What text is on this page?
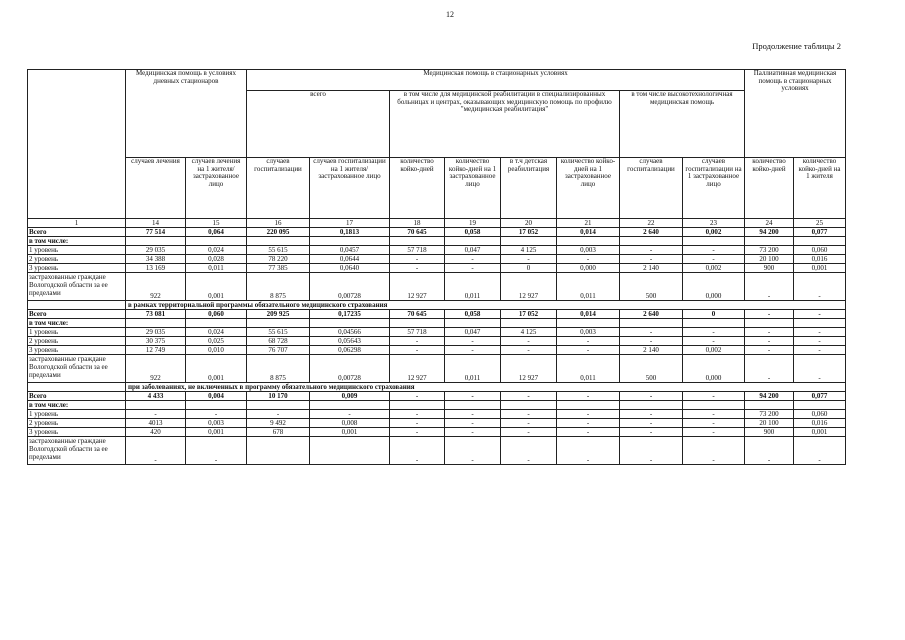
12
Продолжение таблицы 2
	Медицинская помощь в условиях дневных стационаров		Медицинская помощь в стационарных условиях								Паллиативная медицинская помощь в стационарных условиях	
			всего		в том числе для медицинской реабилитации в специализированных больницах и центрах, оказывающих медицинскую помощь по профилю "медицинская реабилитация"				в том числе высокотехнологичная медицинская помощь			
	случаев лечения	случаев лечения на 1 жителя/ застрахованное лицо	случаев госпитализации	случаев госпитализации на 1 жителя/ застрахованное лицо	количество койко-дней	количество койко-дней на 1 застрахованное лицо	в т.ч детская реабилитация	количество койко-дней на 1 застрахованное лицо	случаев госпитализации	случаев госпитализации на 1 застрахованное лицо	количество койко-дней	количество койко-дней на 1 жителя
1	14	15	16	17	18	19	20	21	22	23	24	25
Всего	77 514	0,064	220 095	0,1813	70 645	0,058	17 052	0,014	2 640	0,002	94 200	0,077
в том числе:												
1 уровень	29 035	0,024	55 615	0,0457	57 718	0,047	4 125	0,003	-	-	73 200	0,060
2 уровень	34 388	0,028	78 220	0,0644	-	-	-	-	-	-	20 100	0,016
3 уровень	13 169	0,011	77 385	0,0640	-	-	0	0,000	2 140	0,002	900	0,001
застрахованные граждане Вологодской области за ее пределами	922	0,001	8 875	0,00728	12 927	0,011	12 927	0,011	500	0,000	-	-
	в рамках территориальной программы обязательного медицинского страхования											
Всего	73 081	0,060	209 925	0,17235	70 645	0,058	17 052	0,014	2 640	0	-	-
в том числе:												
1 уровень	29 035	0,024	55 615	0,04566	57 718	0,047	4 125	0,003	-	-	-	-
2 уровень	30 375	0,025	68 728	0,05643	-	-	-	-	-	-	-	-
3 уровень	12 749	0,010	76 707	0,06298	-	-	-	-	2 140	0,002	-	-
застрахованные граждане Вологодской области за ее пределами	922	0,001	8 875	0,00728	12 927	0,011	12 927	0,011	500	0,000	-	-
	при заболеваниях, не включенных в программу обязательного медицинского страхования											
Всего	4 433	0,004	10 170	0,009	-	-	-	-	-	-	94 200	0,077
в том числе:												
1 уровень	-	-	-	-	-	-	-	-	-	-	73 200	0,060
2 уровень	4013	0,003	9 492	0,008	-	-	-	-	-	-	20 100	0,016
3 уровень	420	0,001	678	0,001	-	-	-	-	-	-	900	0,001
застрахованные граждане Вологодской области за ее пределами	-	-			-	-	-	-	-	-	-	-
